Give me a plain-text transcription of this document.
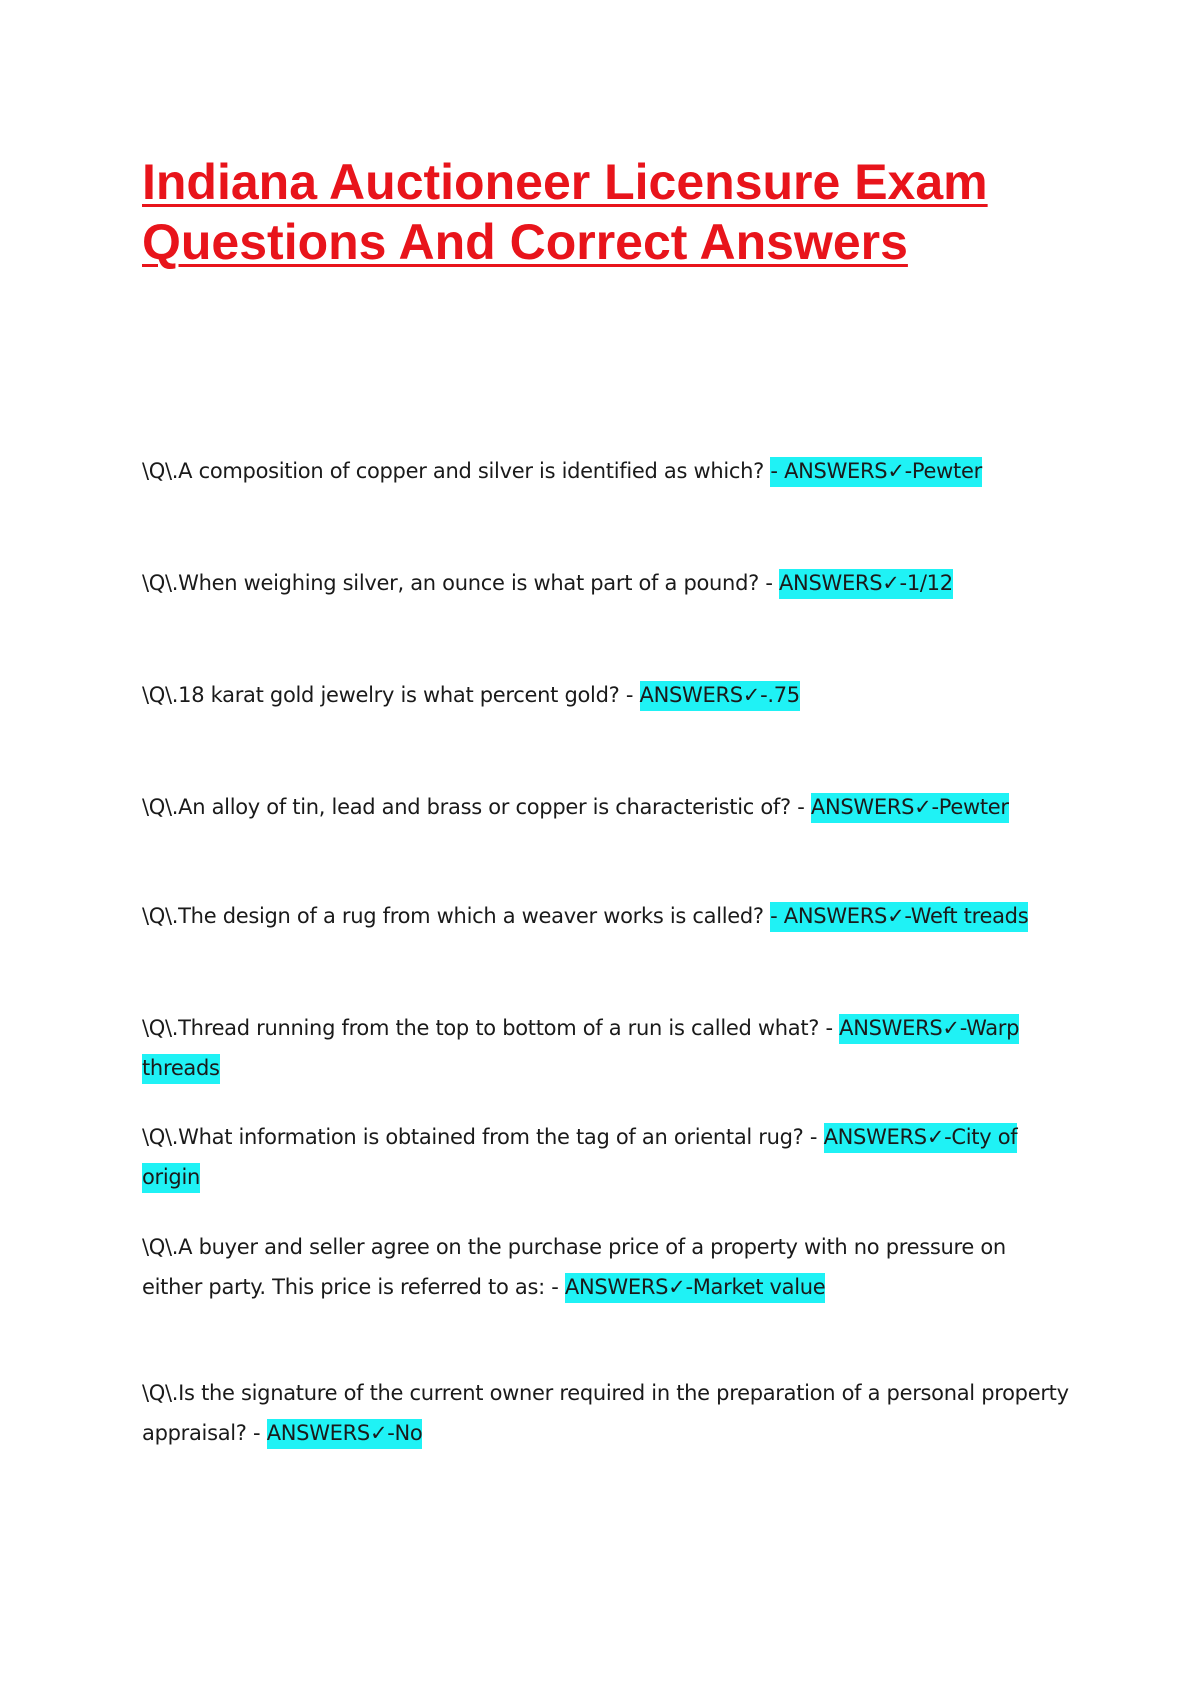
Indiana Auctioneer Licensure Exam
Questions And Correct Answers

\Q\.A composition of copper and silver is identified as which? - ANSWERS✓-Pewter

\Q\.When weighing silver, an ounce is what part of a pound? - ANSWERS✓-1/12

\Q\.18 karat gold jewelry is what percent gold? - ANSWERS✓-.75

\Q\.An alloy of tin, lead and brass or copper is characteristic of? - ANSWERS✓-Pewter

\Q\.The design of a rug from which a weaver works is called? - ANSWERS✓-Weft treads

\Q\.Thread running from the top to bottom of a run is called what? - ANSWERS✓-Warp threads

\Q\.What information is obtained from the tag of an oriental rug? - ANSWERS✓-City of origin

\Q\.A buyer and seller agree on the purchase price of a property with no pressure on either party. This price is referred to as: - ANSWERS✓-Market value

\Q\.Is the signature of the current owner required in the preparation of a personal property appraisal? - ANSWERS✓-No
